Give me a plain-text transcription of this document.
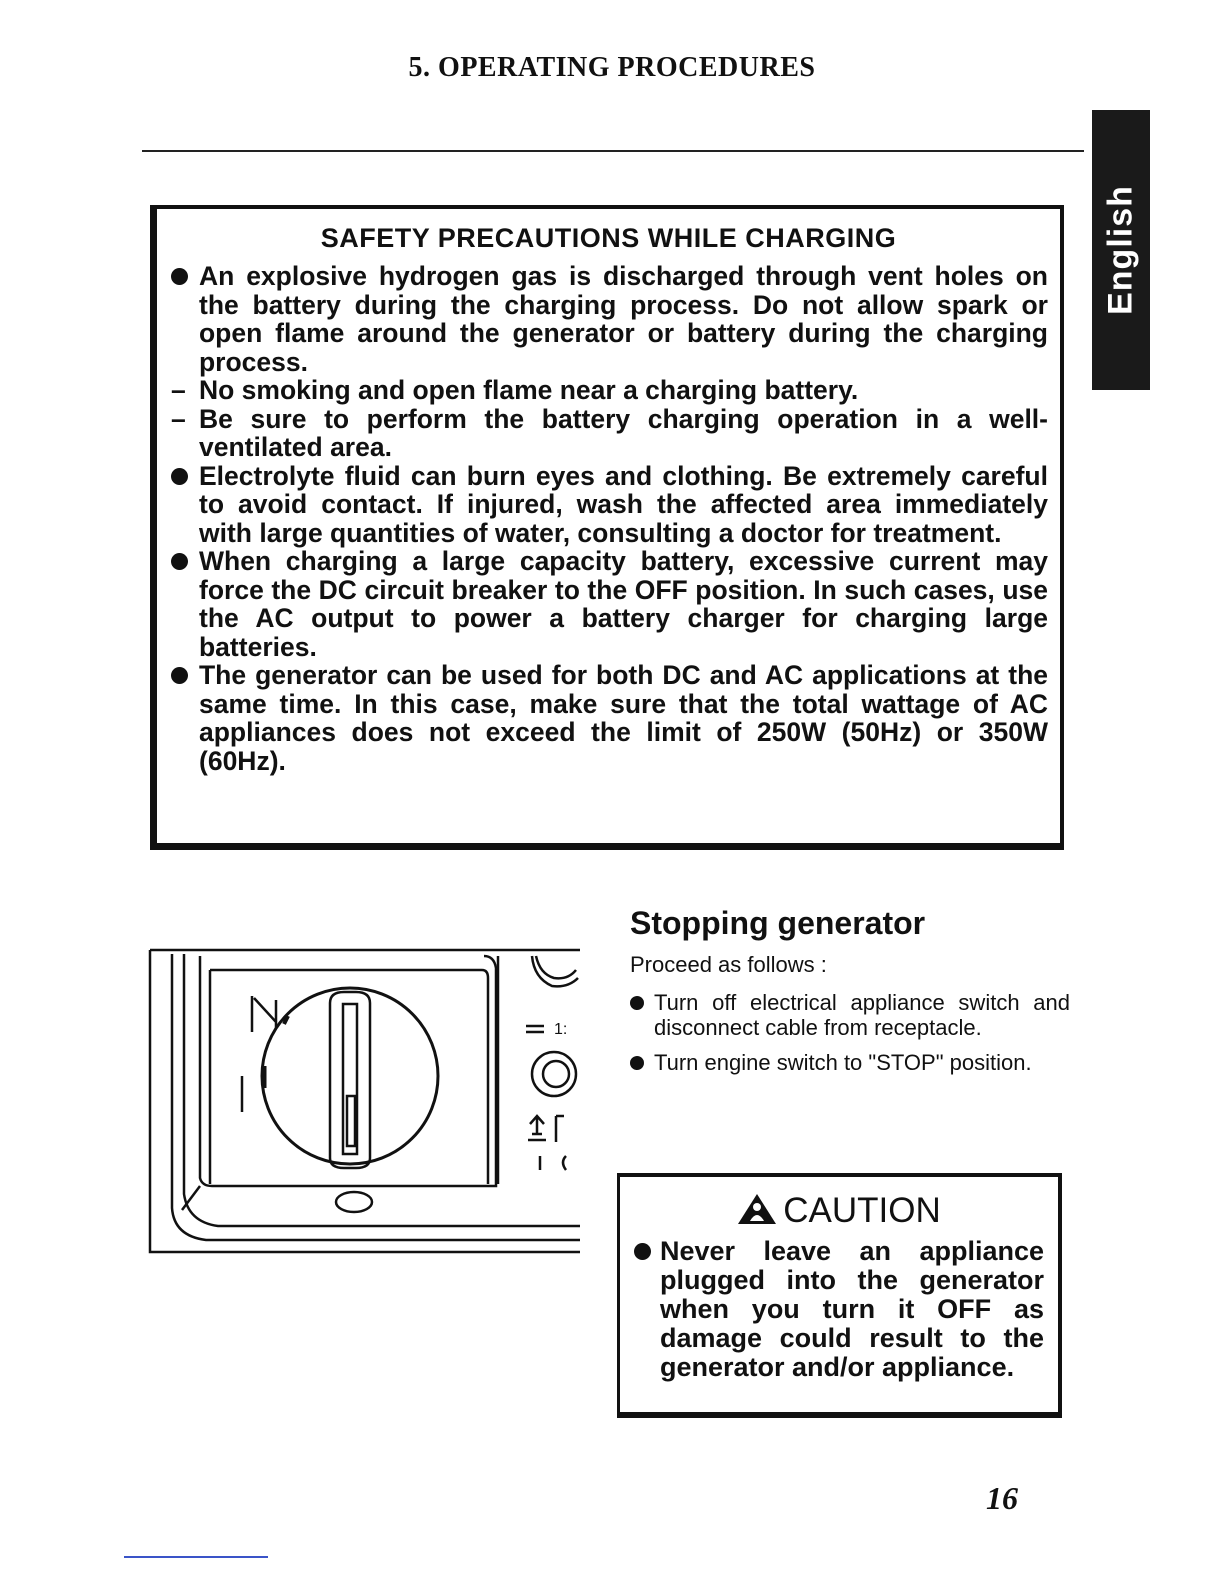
5. OPERATING PROCEDURES
English
SAFETY PRECAUTIONS WHILE CHARGING
An explosive hydrogen gas is discharged through vent holes on the battery during the charging process. Do not allow spark or open flame around the generator or battery during the charging process.
– No smoking and open flame near a charging battery.
– Be sure to perform the battery charging operation in a well-ventilated area.
Electrolyte fluid can burn eyes and clothing. Be extremely careful to avoid contact. If injured, wash the affected area immediately with large quantities of water, consulting a doctor for treatment.
When charging a large capacity battery, excessive current may force the DC circuit breaker to the OFF position. In such cases, use the AC output to power a battery charger for charging large batteries.
The generator can be used for both DC and AC applications at the same time. In this case, make sure that the total wattage of AC appliances does not exceed the limit of 250W (50Hz) or 350W (60Hz).
1:
Stopping generator
Proceed as follows :
Turn off electrical appliance switch and disconnect cable from receptacle.
Turn engine switch to "STOP" position.
CAUTION
Never leave an appliance plugged into the generator when you turn it OFF as damage could result to the generator and/or appliance.
16
